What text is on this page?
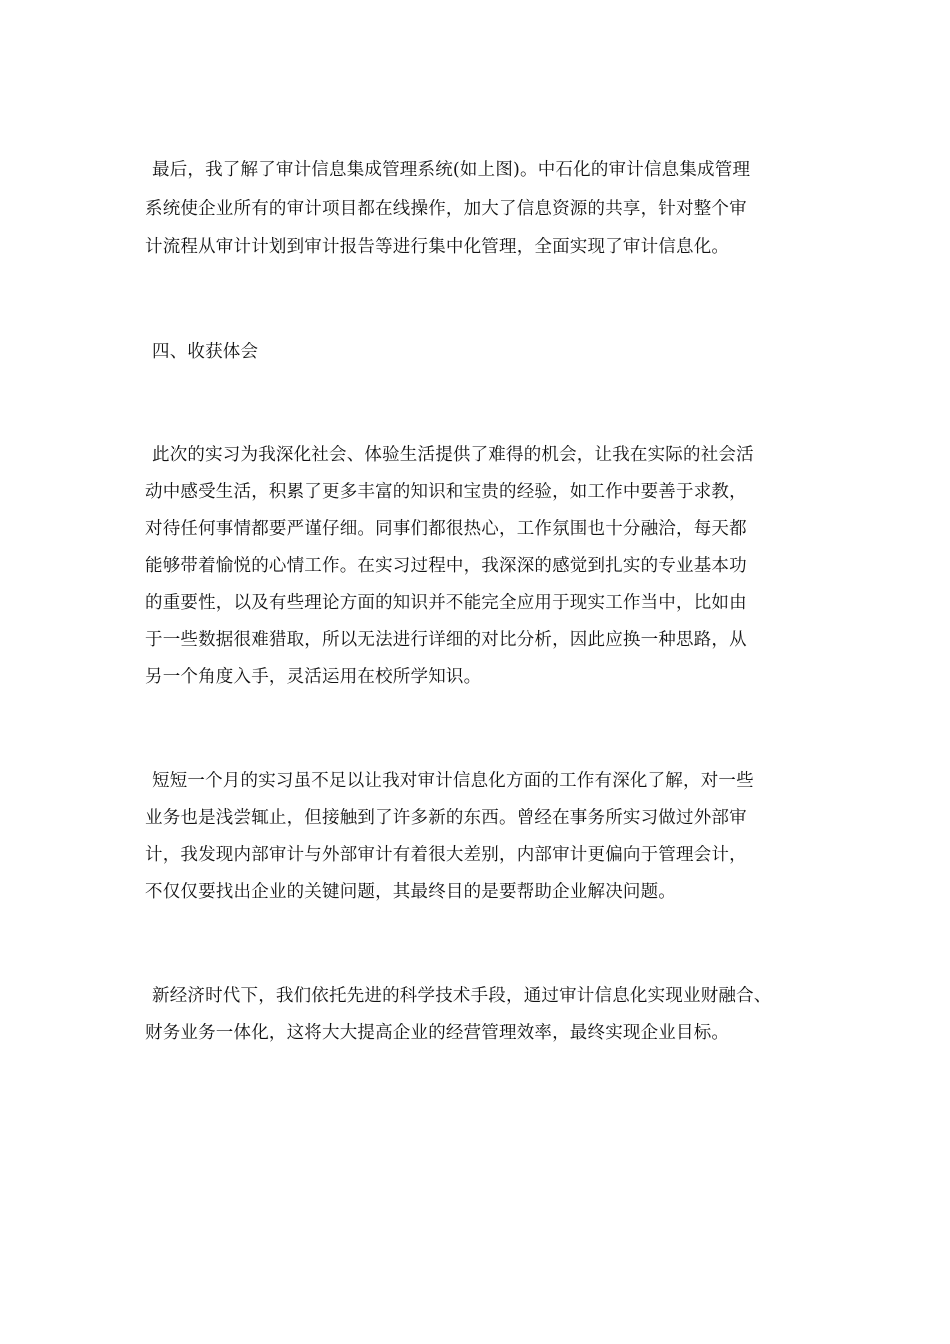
最后，我了解了审计信息集成管理系统(如上图)。中石化的审计信息集成管理
系统使企业所有的审计项目都在线操作，加大了信息资源的共享，针对整个审
计流程从审计计划到审计报告等进行集中化管理，全面实现了审计信息化。
四、收获体会
此次的实习为我深化社会、体验生活提供了难得的机会，让我在实际的社会活
动中感受生活，积累了更多丰富的知识和宝贵的经验，如工作中要善于求教，
对待任何事情都要严谨仔细。同事们都很热心，工作氛围也十分融洽，每天都
能够带着愉悦的心情工作。在实习过程中，我深深的感觉到扎实的专业基本功
的重要性，以及有些理论方面的知识并不能完全应用于现实工作当中，比如由
于一些数据很难猎取，所以无法进行详细的对比分析，因此应换一种思路，从
另一个角度入手，灵活运用在校所学知识。
短短一个月的实习虽不足以让我对审计信息化方面的工作有深化了解，对一些
业务也是浅尝辄止，但接触到了许多新的东西。曾经在事务所实习做过外部审
计，我发现内部审计与外部审计有着很大差别，内部审计更偏向于管理会计，
不仅仅要找出企业的关键问题，其最终目的是要帮助企业解决问题。
新经济时代下，我们依托先进的科学技术手段，通过审计信息化实现业财融合、
财务业务一体化，这将大大提高企业的经营管理效率，最终实现企业目标。
